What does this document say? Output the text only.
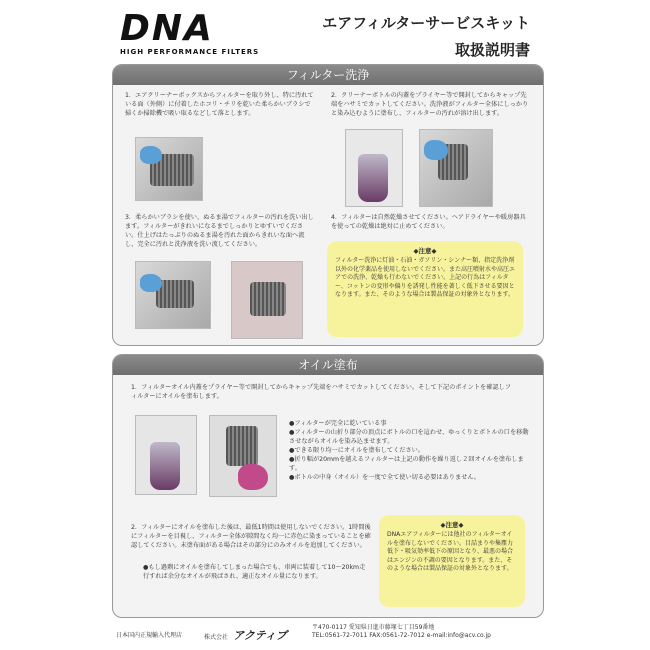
DNA
HIGH PERFORMANCE FILTERS
エアフィルターサービスキット
取扱説明書
フィルター洗浄
1．エアクリーナーボックスからフィルターを取り外し、特に汚れている面（外側）に付着したホコリ・チリを乾いた柔らかいブラシで掃くか掃除機で吸い取るなどして落とします。
2．クリーナーボトルの内蓋をプライヤー等で開封してからキャップ先端をハサミでカットしてください。洗浄液がフィルター全体にしっかりと染み込むように塗布し、フィルターの汚れが溶け出します。
3．柔らかいブラシを使い、ぬるま湯でフィルターの汚れを洗い出します。フィルターがきれいになるまでしっかりとゆすいでください。仕上げはたっぷりのぬるま湯を汚れた面からきれいな面へ流し、完全に汚れと洗浄液を洗い流してください。
4．フィルターは自然乾燥させてください。ヘアドライヤーや暖房器具を使っての乾燥は絶対に止めてください。
◆注意◆
フィルター洗浄に灯油・石油・ガソリン・シンナー類、指定洗浄剤以外の化学薬品を使用しないでください。また高圧噴射水や高圧エアでの洗浄、乾燥も行わないでください。上記の行為はフィルター、コットンの変形や偏りを誘発し性能を著しく低下させる要因となります。また、そのような場合は製品保証の対象外となります。
オイル塗布
1．フィルターオイル内蓋をプライヤー等で開封してからキャップ先端をハサミでカットしてください。そして下記のポイントを確認しフィルターにオイルを塗布します。
●フィルターが完全に乾いている事
●フィルターの山折り部分の頂点にボトルの口を這わせ、ゆっくりとボトルの口を移動させながらオイルを染み込ませます。
●できる限り均一にオイルを塗布してください。
●折り幅が20mmを越えるフィルターは上記の動作を繰り返し２回オイルを塗布します。
●ボトルの中身（オイル）を一度で全て使い切る必要はありません。
2．フィルターにオイルを塗布した後は、最低1時間は使用しないでください。1時間後にフィルターを目視し、フィルター全体が隙間なく均一に赤色に染まっていることを確認してください。未塗布面がある場合はその部分にのみオイルを追加してください。
●もし過剰にオイルを塗布してしまった場合でも、車両に装着して10～20km走行すれば余分なオイルが飛ばされ、適正なオイル量になります。
◆注意◆
DNAエアフィルターには他社のフィルターオイルを塗布しないでください。目詰まりや集塵力低下・吸気効率低下の原因となり、最悪の場合はエンジンの不調の要因となります。また、そのような場合は製品保証の対象外となります。
日本国内正規輸入代理店	株式会社 アクティブ
〒470-0117 愛知県日進市藤塚七丁目59番地
TEL:0561-72-7011 FAX:0561-72-7012 e-mail:info@acv.co.jp
